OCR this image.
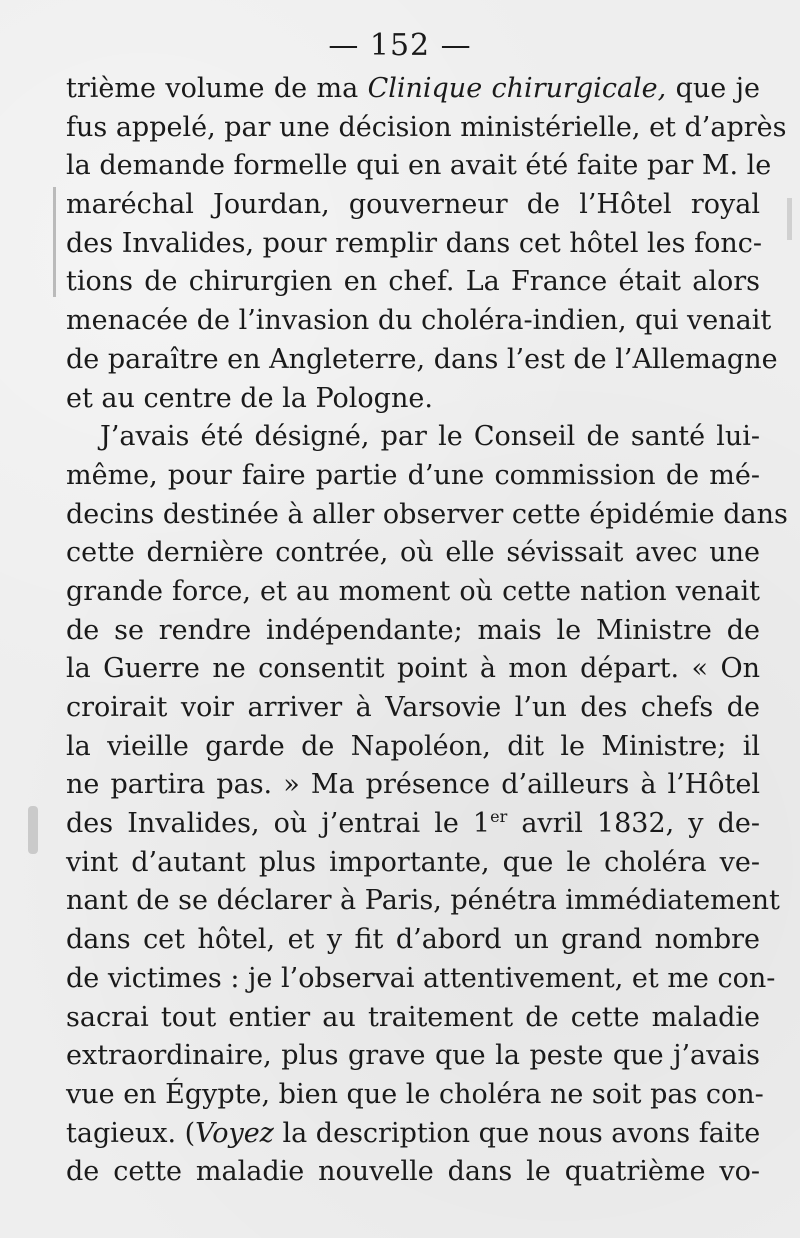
— 152 —
trième volume de ma Clinique chirurgicale, que je
fus appelé, par une décision ministérielle, et d’après
la demande formelle qui en avait été faite par M. le
maréchal Jourdan, gouverneur de l’Hôtel royal
des Invalides, pour remplir dans cet hôtel les fonc-
tions de chirurgien en chef. La France était alors
menacée de l’invasion du choléra-indien, qui venait
de paraître en Angleterre, dans l’est de l’Allemagne
et au centre de la Pologne.
J’avais été désigné, par le Conseil de santé lui-
même, pour faire partie d’une commission de mé-
decins destinée à aller observer cette épidémie dans
cette dernière contrée, où elle sévissait avec une
grande force, et au moment où cette nation venait
de se rendre indépendante; mais le Ministre de
la Guerre ne consentit point à mon départ. « On
croirait voir arriver à Varsovie l’un des chefs de
la vieille garde de Napoléon, dit le Ministre; il
ne partira pas. » Ma présence d’ailleurs à l’Hôtel
des Invalides, où j’entrai le 1er avril 1832, y de-
vint d’autant plus importante, que le choléra ve-
nant de se déclarer à Paris, pénétra immédiatement
dans cet hôtel, et y fit d’abord un grand nombre
de victimes : je l’observai attentivement, et me con-
sacrai tout entier au traitement de cette maladie
extraordinaire, plus grave que la peste que j’avais
vue en Égypte, bien que le choléra ne soit pas con-
tagieux. (Voyez la description que nous avons faite
de cette maladie nouvelle dans le quatrième vo-
